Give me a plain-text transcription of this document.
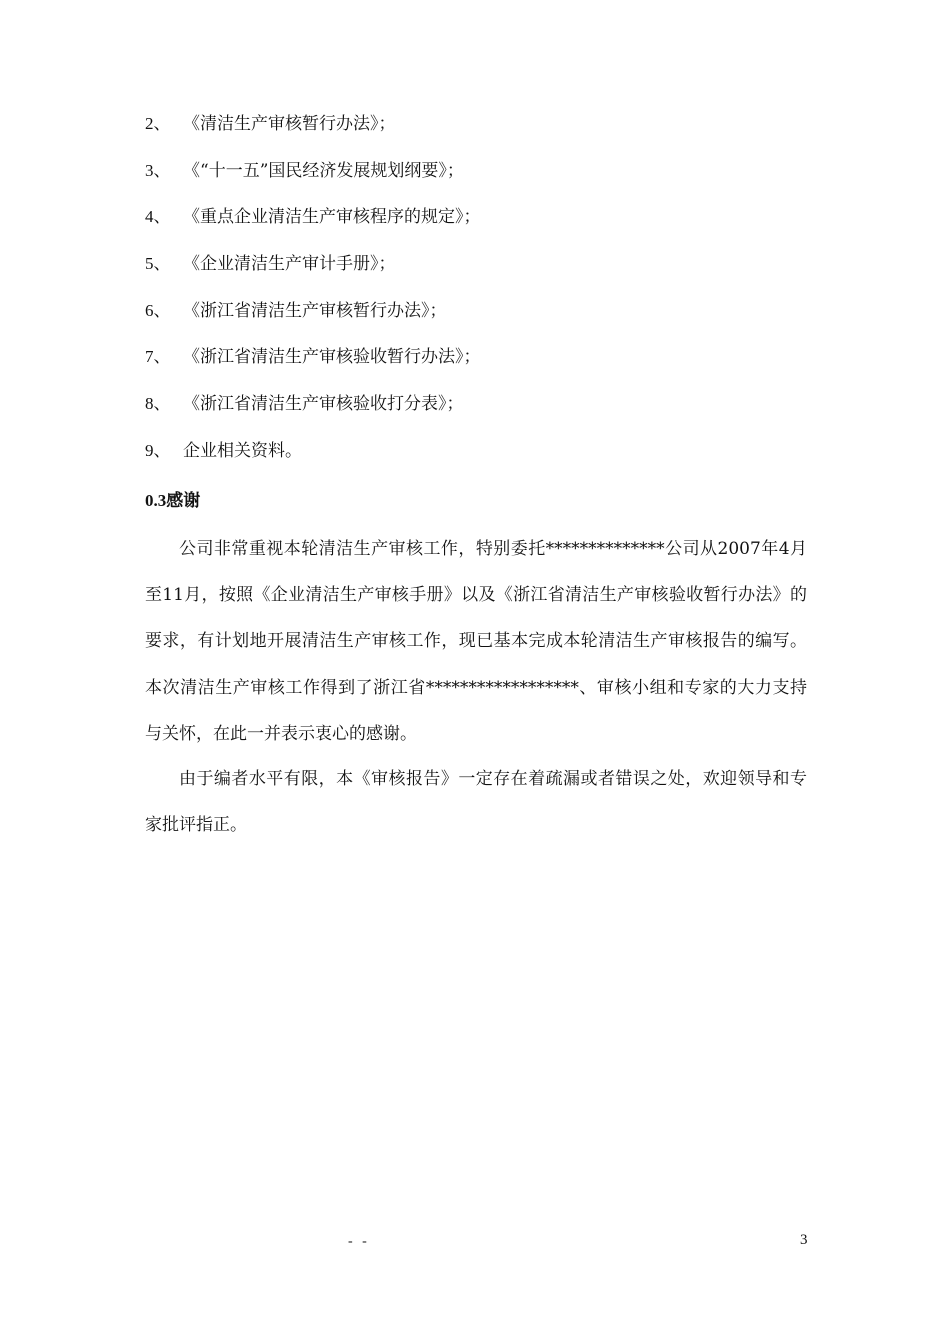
2、 《清洁生产审核暂行办法》；
3、 《“十一五”国民经济发展规划纲要》；
4、 《重点企业清洁生产审核程序的规定》；
5、 《企业清洁生产审计手册》；
6、 《浙江省清洁生产审核暂行办法》；
7、 《浙江省清洁生产审核验收暂行办法》；
8、 《浙江省清洁生产审核验收打分表》；
9、 企业相关资料。
0.3感谢
公司非常重视本轮清洁生产审核工作，特别委托**************公司从2007年4月至11月，按照《企业清洁生产审核手册》以及《浙江省清洁生产审核验收暂行办法》的要求，有计划地开展清洁生产审核工作，现已基本完成本轮清洁生产审核报告的编写。本次清洁生产审核工作得到了浙江省******************、审核小组和专家的大力支持与关怀，在此一并表示衷心的感谢。
由于编者水平有限，本《审核报告》一定存在着疏漏或者错误之处，欢迎领导和专家批评指正。
- -	3
